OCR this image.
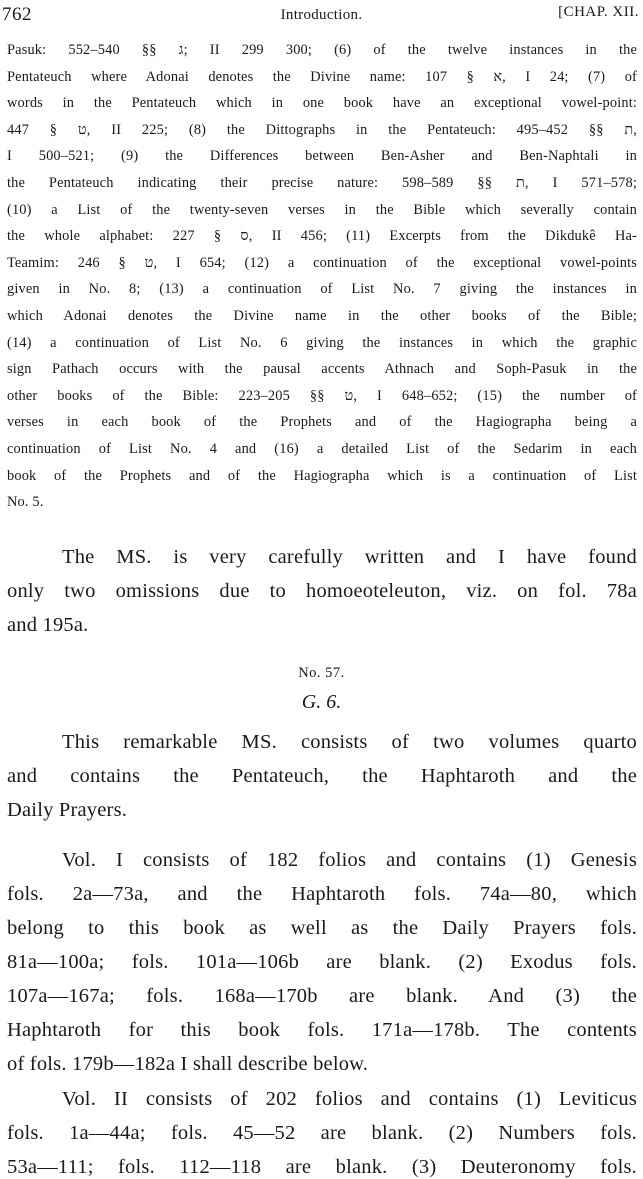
762	Introduction.	[CHAP. XII.
Pasuk: ג §§ 540–552; II 299 300; (6) of the twelve instances in the
Pentateuch where Adonai denotes the Divine name: א § 107, I 24; (7) of
words in the Pentateuch which in one book have an exceptional vowel-point:
ט § 447, II 225; (8) the Dittographs in the Pentateuch: ת §§ 452–495,
I 500–521; (9) the Differences between Ben-Asher and Ben-Naphtali in
the Pentateuch indicating their precise nature: ת §§ 589–598, I 571–578;
(10) a List of the twenty-seven verses in the Bible which severally contain
the whole alphabet: ס § 227, II 456; (11) Excerpts from the Dikdukê Ha-
Teamim: ט § 246, I 654; (12) a continuation of the exceptional vowel-points
given in No. 8; (13) a continuation of List No. 7 giving the instances in
which Adonai denotes the Divine name in the other books of the Bible;
(14) a continuation of List No. 6 giving the instances in which the graphic
sign Pathach occurs with the pausal accents Athnach and Soph-Pasuk in the
other books of the Bible: ט §§ 205–223, I 648–652; (15) the number of
verses in each book of the Prophets and of the Hagiographa being a
continuation of List No. 4 and (16) a detailed List of the Sedarim in each
book of the Prophets and of the Hagiographa which is a continuation of List
No. 5.
The MS. is very carefully written and I have found
only two omissions due to homoeoteleuton, viz. on fol. 78a
and 195a.
No. 57.
G. 6.
This remarkable MS. consists of two volumes quarto
and contains the Pentateuch, the Haphtaroth and the
Daily Prayers.
Vol. I consists of 182 folios and contains (1) Genesis
fols. 2a—73a, and the Haphtaroth fols. 74a—80, which
belong to this book as well as the Daily Prayers fols.
81a—100a; fols. 101a—106b are blank. (2) Exodus fols.
107a—167a; fols. 168a—170b are blank. And (3) the
Haphtaroth for this book fols. 171a—178b. The contents
of fols. 179b—182a I shall describe below.
Vol. II consists of 202 folios and contains (1) Leviticus
fols. 1a—44a; fols. 45—52 are blank. (2) Numbers fols.
53a—111; fols. 112—118 are blank. (3) Deuteronomy fols.
